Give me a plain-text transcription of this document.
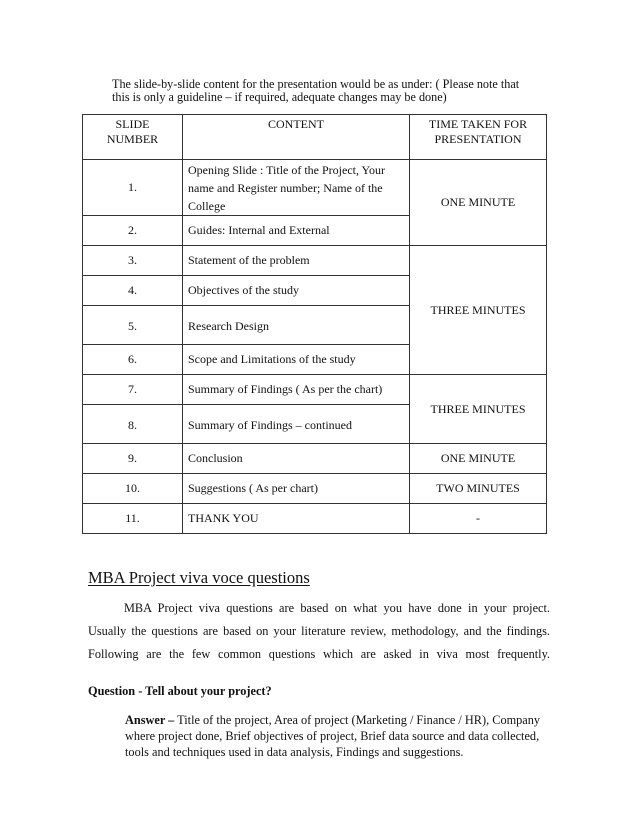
The slide-by-slide content for the presentation would be as under: ( Please note that

this is only a guideline – if required, adequate changes may be done)

SLIDE
NUMBER	CONTENT	TIME TAKEN FOR
PRESENTATION
1.	Opening Slide : Title of the Project, Your name and Register number; Name of the College	ONE MINUTE
2.	Guides: Internal and External	
3.	Statement of the problem	THREE MINUTES
4.	Objectives of the study	
5.	Research Design	
6.	Scope and Limitations of the study	
7.	Summary of Findings ( As per the chart)	THREE MINUTES
8.	Summary of Findings – continued	
9.	Conclusion	ONE MINUTE
10.	Suggestions ( As per chart)	TWO MINUTES
11.	THANK YOU	-
MBA Project viva voce questions

MBA Project viva questions are based on what you have done in your project.
Usually the questions are based on your literature review, methodology, and the findings.
Following are the few common questions which are asked in viva most frequently.

Question - Tell about your project?

Answer – Title of the project, Area of project (Marketing / Finance / HR), Company where project done, Brief objectives of project, Brief data source and data collected, tools and techniques used in data analysis, Findings and suggestions.
